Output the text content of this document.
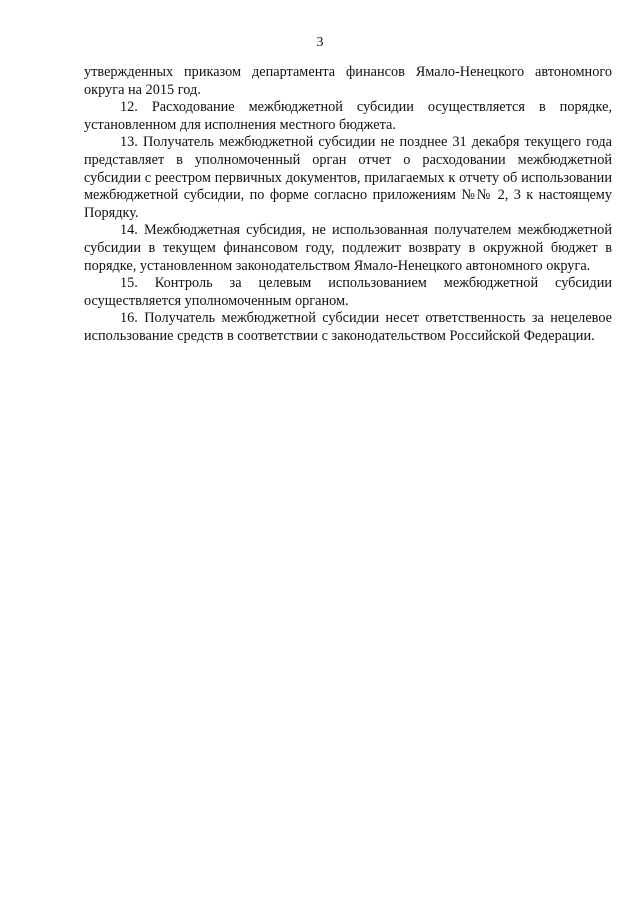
3

утвержденных приказом департамента финансов Ямало-Ненецкого автономного округа на 2015 год.

12. Расходование межбюджетной субсидии осуществляется в порядке, установленном для исполнения местного бюджета.

13. Получатель межбюджетной субсидии не позднее 31 декабря текущего года представляет в уполномоченный орган отчет о расходовании межбюджетной субсидии с реестром первичных документов, прилагаемых к отчету об использовании межбюджетной субсидии, по форме согласно приложениям №№ 2, 3 к настоящему Порядку.

14. Межбюджетная субсидия, не использованная получателем межбюджетной субсидии в текущем финансовом году, подлежит возврату в окружной бюджет в порядке, установленном законодательством Ямало-Ненецкого автономного округа.

15. Контроль за целевым использованием межбюджетной субсидии осуществляется уполномоченным органом.

16. Получатель межбюджетной субсидии несет ответственность за нецелевое использование средств в соответствии с законодательством Российской Федерации.
